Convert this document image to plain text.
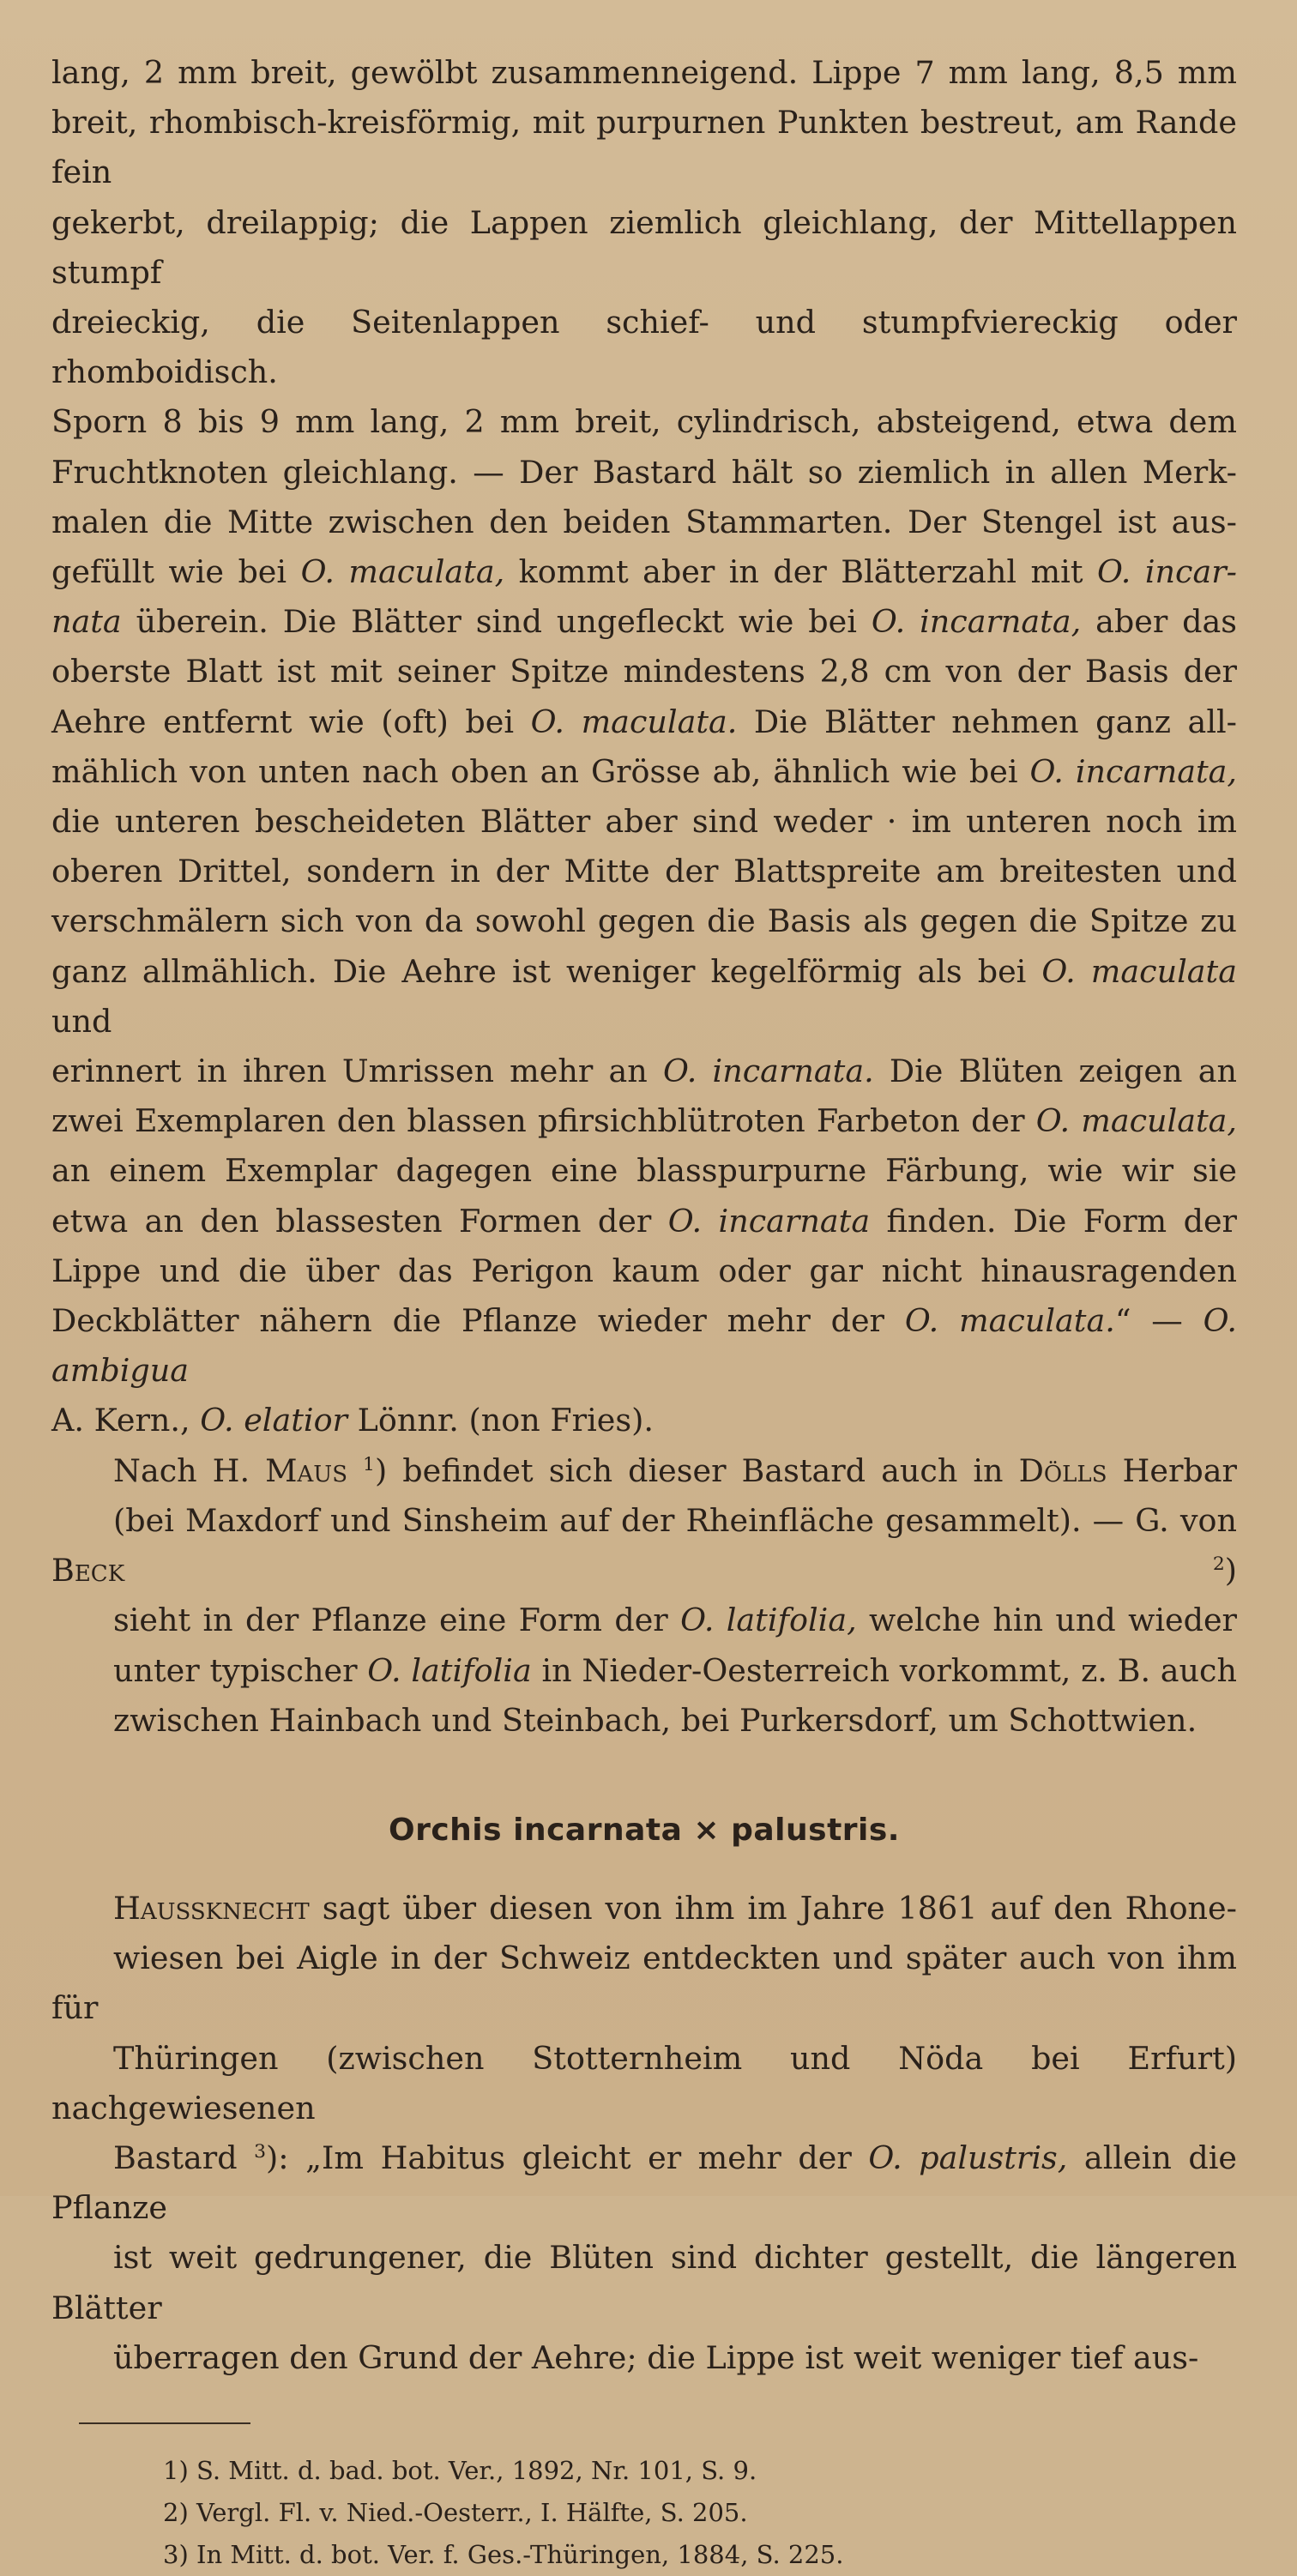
lang, 2 mm breit, gewölbt zusammenneigend. Lippe 7 mm lang, 8,5 mm
breit, rhombisch-kreisförmig, mit purpurnen Punkten bestreut, am Rande fein
gekerbt, dreilappig; die Lappen ziemlich gleichlang, der Mittellappen stumpf
dreieckig, die Seitenlappen schief- und stumpfviereckig oder rhomboidisch.
Sporn 8 bis 9 mm lang, 2 mm breit, cylindrisch, absteigend, etwa dem
Fruchtknoten gleichlang. — Der Bastard hält so ziemlich in allen Merk-
malen die Mitte zwischen den beiden Stammarten. Der Stengel ist aus-
gefüllt wie bei O. maculata, kommt aber in der Blätterzahl mit O. incar-
nata überein. Die Blätter sind ungefleckt wie bei O. incarnata, aber das
oberste Blatt ist mit seiner Spitze mindestens 2,8 cm von der Basis der
Aehre entfernt wie (oft) bei O. maculata. Die Blätter nehmen ganz all-
mählich von unten nach oben an Grösse ab, ähnlich wie bei O. incarnata,
die unteren bescheideten Blätter aber sind weder · im unteren noch im
oberen Drittel, sondern in der Mitte der Blattspreite am breitesten und
verschmälern sich von da sowohl gegen die Basis als gegen die Spitze zu
ganz allmählich. Die Aehre ist weniger kegelförmig als bei O. maculata und
erinnert in ihren Umrissen mehr an O. incarnata. Die Blüten zeigen an
zwei Exemplaren den blassen pfirsichblütroten Farbeton der O. maculata,
an einem Exemplar dagegen eine blasspurpurne Färbung, wie wir sie
etwa an den blassesten Formen der O. incarnata finden. Die Form der
Lippe und die über das Perigon kaum oder gar nicht hinausragenden
Deckblätter nähern die Pflanze wieder mehr der O. maculata.“ — O. ambigua
A. Kern., O. elatior Lönnr. (non Fries).
Nach H. Maus $^1$) befindet sich dieser Bastard auch in Dölls Herbar
(bei Maxdorf und Sinsheim auf der Rheinfläche gesammelt). — G. von Beck	$^2$)
sieht in der Pflanze eine Form der O. latifolia, welche hin und wieder
unter typischer O. latifolia in Nieder-Oesterreich vorkommt, z. B. auch
zwischen Hainbach und Steinbach, bei Purkersdorf, um Schottwien.
Orchis incarnata × palustris.
Haussknecht sagt über diesen von ihm im Jahre 1861 auf den Rhone-
wiesen bei Aigle in der Schweiz entdeckten und später auch von ihm für
Thüringen (zwischen Stotternheim und Nöda bei Erfurt) nachgewiesenen
Bastard $^3$): „Im Habitus gleicht er mehr der O. palustris, allein die Pflanze
ist weit gedrungener, die Blüten sind dichter gestellt, die längeren Blätter
überragen den Grund der Aehre; die Lippe ist weit weniger tief aus-

1) S. Mitt. d. bad. bot. Ver., 1892, Nr. 101, S. 9.

2) Vergl. Fl. v. Nied.-Oesterr., I. Hälfte, S. 205.

3) In Mitt. d. bot. Ver. f. Ges.-Thüringen, 1884, S. 225.
